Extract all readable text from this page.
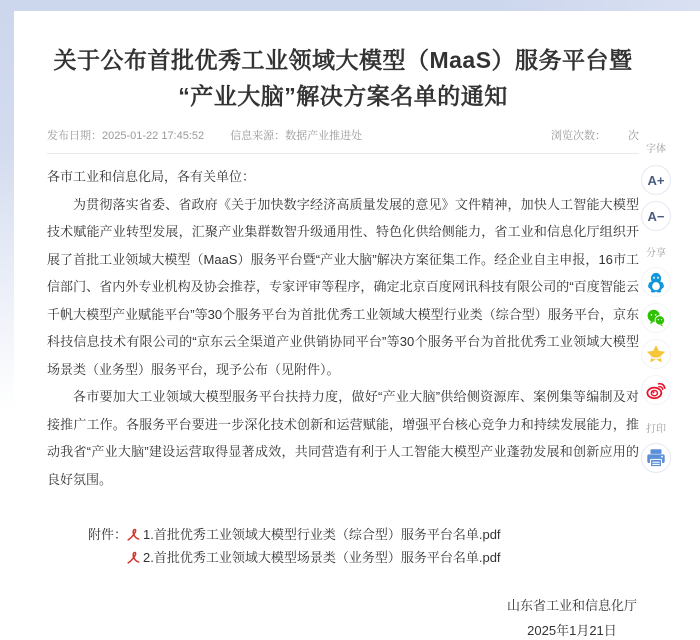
关于公布首批优秀工业领域大模型（MaaS）服务平台暨
“产业大脑”解决方案名单的通知
发布日期：2025-01-22 17:45:52 信息来源：数据产业推进处	浏览次数： 次

各市工业和信息化局，各有关单位：

为贯彻落实省委、省政府《关于加快数字经济高质量发展的意见》文件精神，加快人工智能大模型技术赋能产业转型发展，汇聚产业集群数智升级通用性、特色化供给侧能力，省工业和信息化厅组织开展了首批工业领域大模型（MaaS）服务平台暨“产业大脑”解决方案征集工作。经企业自主申报，16市工信部门、省内外专业机构及协会推荐，专家评审等程序，确定北京百度网讯科技有限公司的“百度智能云千帆大模型产业赋能平台”等30个服务平台为首批优秀工业领域大模型行业类（综合型）服务平台，京东科技信息技术有限公司的“京东云全渠道产业供销协同平台”等30个服务平台为首批优秀工业领域大模型场景类（业务型）服务平台，现予公布（见附件）。

各市要加大工业领域大模型服务平台扶持力度，做好“产业大脑”供给侧资源库、案例集等编制及对接推广工作。各服务平台要进一步深化技术创新和运营赋能，增强平台核心竞争力和持续发展能力，推动我省“产业大脑”建设运营取得显著成效，共同营造有利于人工智能大模型产业蓬勃发展和创新应用的良好氛围。

附件： 1.首批优秀工业领域大模型行业类（综合型）服务平台名单.pdf
2.首批优秀工业领域大模型场景类（业务型）服务平台名单.pdf
山东省工业和信息化厅
2025年1月21日
字体
A+
A−
分享
打印
